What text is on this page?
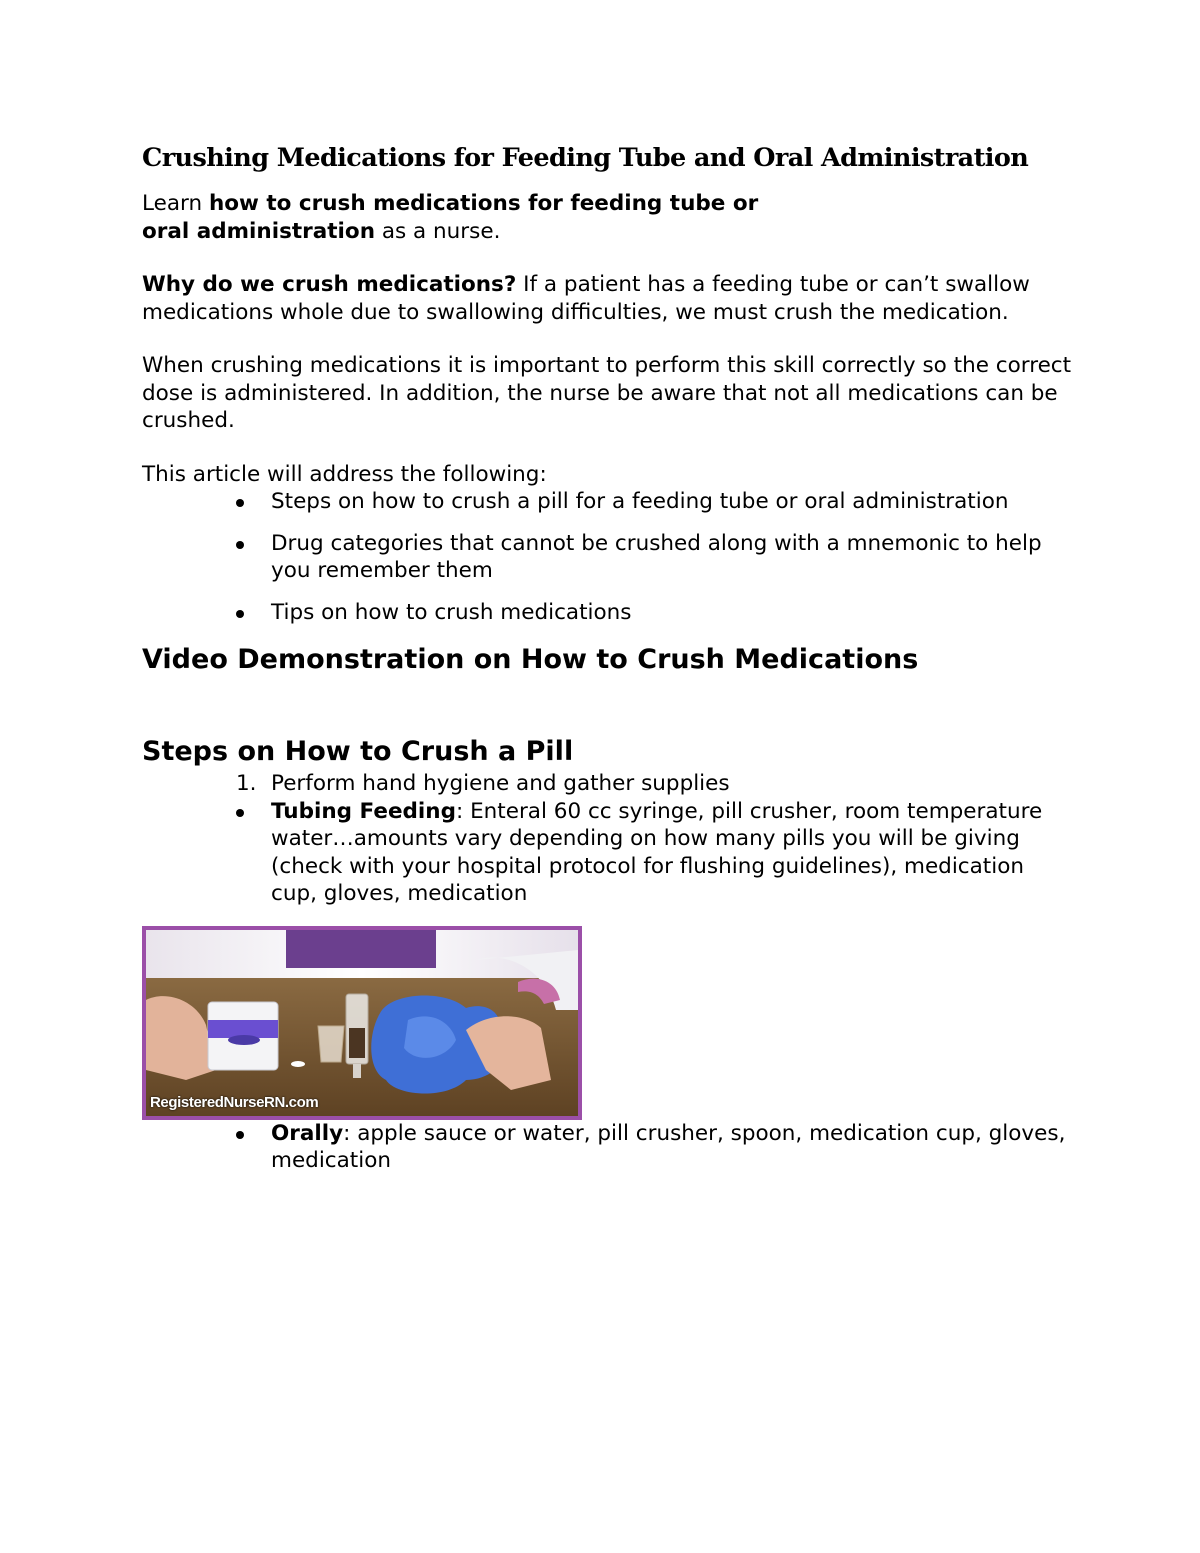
Crushing Medications for Feeding Tube and Oral Administration

Learn how to crush medications for feeding tube or
oral administration as a nurse.

Why do we crush medications? If a patient has a feeding tube or can’t swallow medications whole due to swallowing difficulties, we must crush the medication.

When crushing medications it is important to perform this skill correctly so the correct dose is administered. In addition, the nurse be aware that not all medications can be crushed.

This article will address the following:

Steps on how to crush a pill for a feeding tube or oral administration
Drug categories that cannot be crushed along with a mnemonic to help you remember them
Tips on how to crush medications
Video Demonstration on How to Crush Medications
Steps on How to Crush a Pill
1. Perform hand hygiene and gather supplies
Tubing Feeding: Enteral 60 cc syringe, pill crusher, room temperature water…amounts vary depending on how many pills you will be giving (check with your hospital protocol for flushing guidelines), medication cup, gloves, medication
RegisteredNurseRN.com
Orally: apple sauce or water, pill crusher, spoon, medication cup, gloves, medication
